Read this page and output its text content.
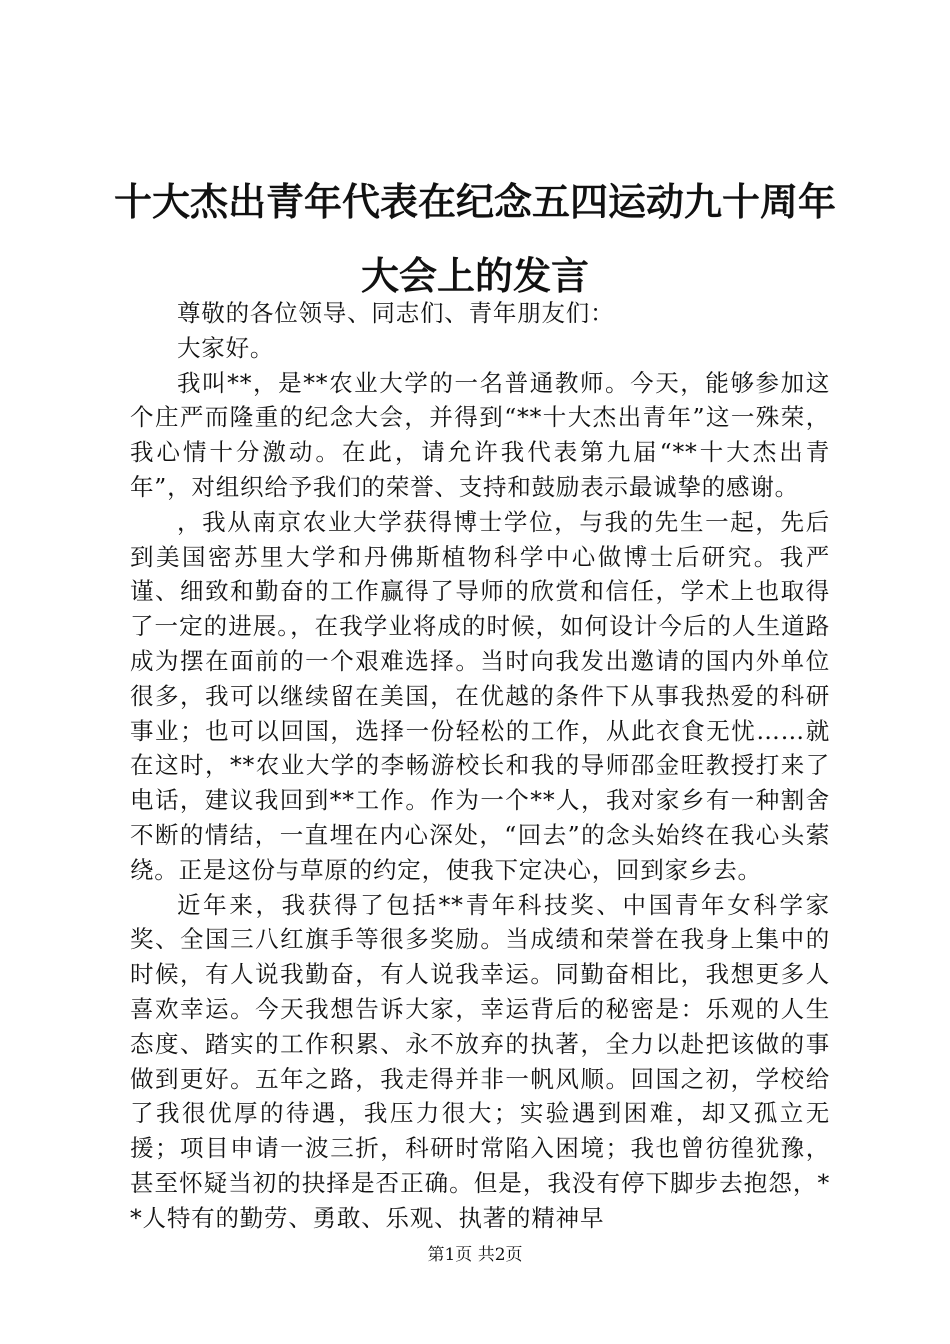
十大杰出青年代表在纪念五四运动九十周年大会上的发言

尊敬的各位领导、同志们、青年朋友们：

大家好。

我叫**，是**农业大学的一名普通教师。今天，能够参加这个庄严而隆重的纪念大会，并得到“**十大杰出青年”这一殊荣，我心情十分激动。在此，请允许我代表第九届“**十大杰出青年”，对组织给予我们的荣誉、支持和鼓励表示最诚挚的感谢。

，我从南京农业大学获得博士学位，与我的先生一起，先后到美国密苏里大学和丹佛斯植物科学中心做博士后研究。我严谨、细致和勤奋的工作赢得了导师的欣赏和信任，学术上也取得了一定的进展。，在我学业将成的时候，如何设计今后的人生道路成为摆在面前的一个艰难选择。当时向我发出邀请的国内外单位很多，我可以继续留在美国，在优越的条件下从事我热爱的科研事业；也可以回国，选择一份轻松的工作，从此衣食无忧……就在这时，**农业大学的李畅游校长和我的导师邵金旺教授打来了电话，建议我回到**工作。作为一个**人，我对家乡有一种割舍不断的情结，一直埋在内心深处，“回去”的念头始终在我心头萦绕。正是这份与草原的约定，使我下定决心，回到家乡去。

近年来，我获得了包括**青年科技奖、中国青年女科学家奖、全国三八红旗手等很多奖励。当成绩和荣誉在我身上集中的时候，有人说我勤奋，有人说我幸运。同勤奋相比，我想更多人喜欢幸运。今天我想告诉大家，幸运背后的秘密是：乐观的人生态度、踏实的工作积累、永不放弃的执著，全力以赴把该做的事做到更好。五年之路，我走得并非一帆风顺。回国之初，学校给了我很优厚的待遇，我压力很大；实验遇到困难，却又孤立无援；项目申请一波三折，科研时常陷入困境；我也曾彷徨犹豫，甚至怀疑当初的抉择是否正确。但是，我没有停下脚步去抱怨，**人特有的勤劳、勇敢、乐观、执著的精神早

第1页 共2页
